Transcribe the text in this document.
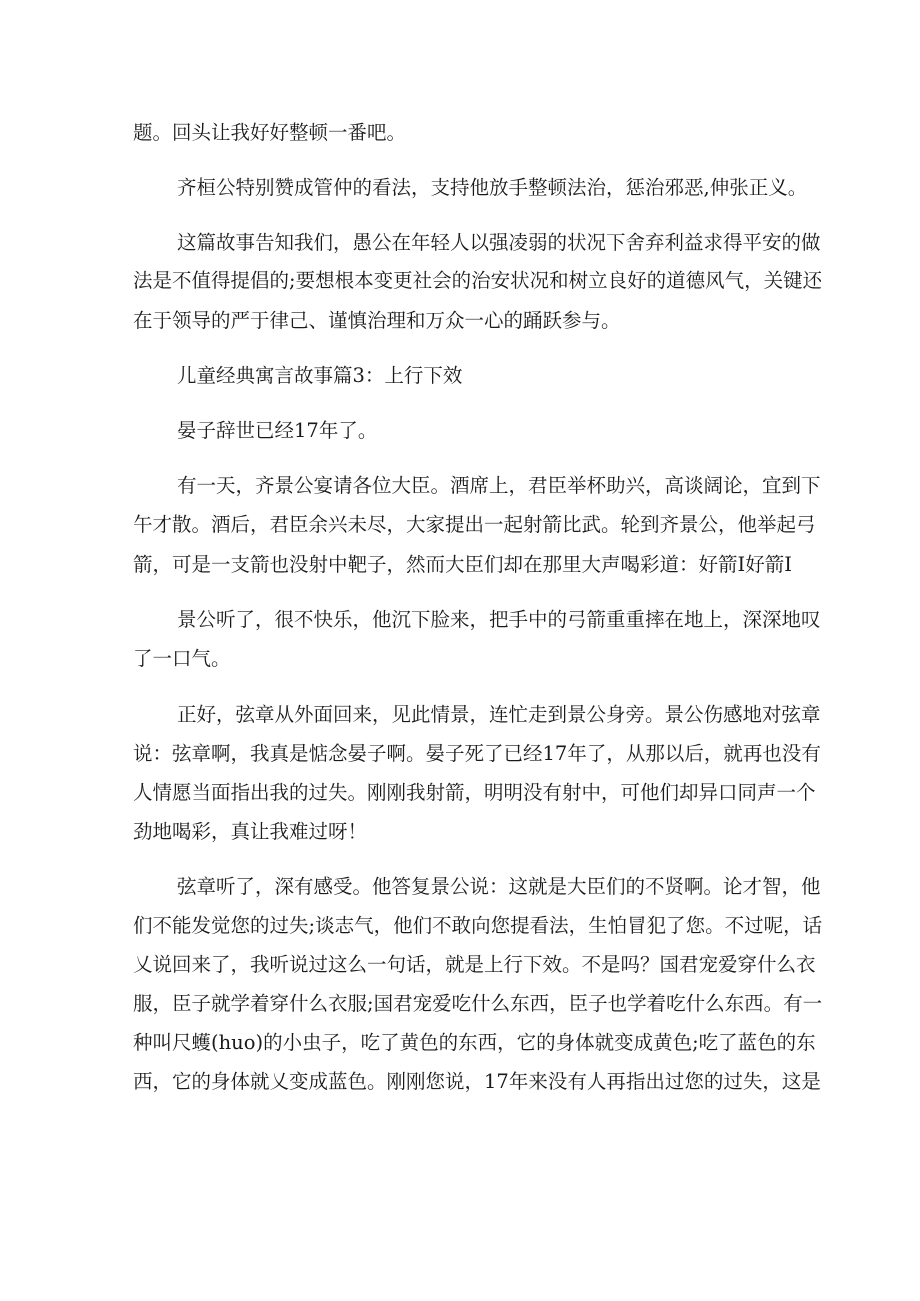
题。回头让我好好整顿一番吧。
齐桓公特别赞成管仲的看法，支持他放手整顿法治，惩治邪恶,伸张正义。
这篇故事告知我们，愚公在年轻人以强凌弱的状况下舍弃利益求得平安的做
法是不值得提倡的;要想根本变更社会的治安状况和树立良好的道德风气，关键还
在于领导的严于律己、谨慎治理和万众一心的踊跃参与。
儿童经典寓言故事篇3：上行下效
晏子辞世已经17年了。
有一天，齐景公宴请各位大臣。酒席上，君臣举杯助兴，高谈阔论，宜到下
午才散。酒后，君臣余兴未尽，大家提出一起射箭比武。轮到齐景公，他举起弓
箭，可是一支箭也没射中靶子，然而大臣们却在那里大声喝彩道：好箭I好箭I
景公听了，很不快乐，他沉下脸来，把手中的弓箭重重摔在地上，深深地叹
了一口气。
正好，弦章从外面回来，见此情景，连忙走到景公身旁。景公伤感地对弦章
说：弦章啊，我真是惦念晏子啊。晏子死了已经17年了，从那以后，就再也没有
人情愿当面指出我的过失。刚刚我射箭，明明没有射中，可他们却异口同声一个
劲地喝彩，真让我难过呀！
弦章听了，深有感受。他答复景公说：这就是大臣们的不贤啊。论才智，他
们不能发觉您的过失;谈志气，他们不敢向您提看法，生怕冒犯了您。不过呢，话
乂说回来了，我听说过这么一句话，就是上行下效。不是吗？国君宠爱穿什么衣
服，臣子就学着穿什么衣服;国君宠爱吃什么东西，臣子也学着吃什么东西。有一
种叫尺蠖(huo)的小虫子，吃了黄色的东西，它的身体就变成黄色;吃了蓝色的东
西，它的身体就乂变成蓝色。刚刚您说，17年来没有人再指出过您的过失，这是
